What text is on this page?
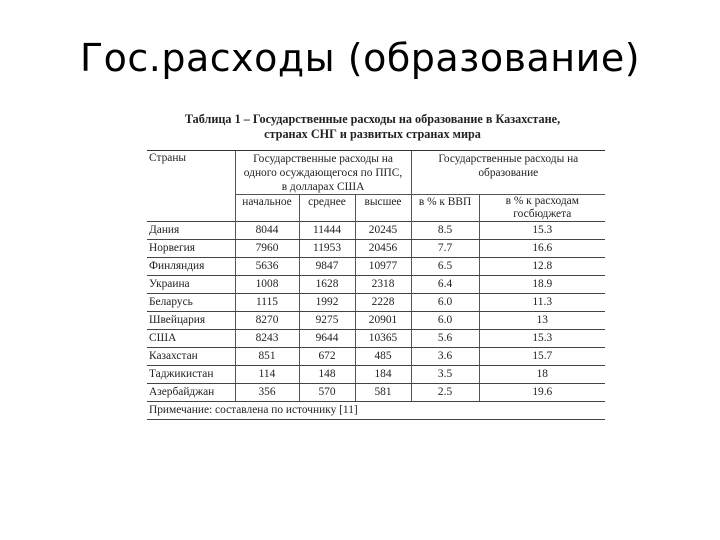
Гос.расходы (образование)
Таблица 1 – Государственные расходы на образование в Казахстане,
странах СНГ и развитых странах мира
Страны	Государственные расходы на одного осуждающегося по ППС, в долларах США			Государственные расходы на образование	
	начальное	среднее	высшее	в % к ВВП	в % к расходам госбюджета
Дания	8044	11444	20245	8.5	15.3
Норвегия	7960	11953	20456	7.7	16.6
Финляндия	5636	9847	10977	6.5	12.8
Украина	1008	1628	2318	6.4	18.9
Беларусь	1115	1992	2228	6.0	11.3
Швейцария	8270	9275	20901	6.0	13
США	8243	9644	10365	5.6	15.3
Казахстан	851	672	485	3.6	15.7
Таджикистан	114	148	184	3.5	18
Азербайджан	356	570	581	2.5	19.6
Примечание: составлена по источнику [11]					
